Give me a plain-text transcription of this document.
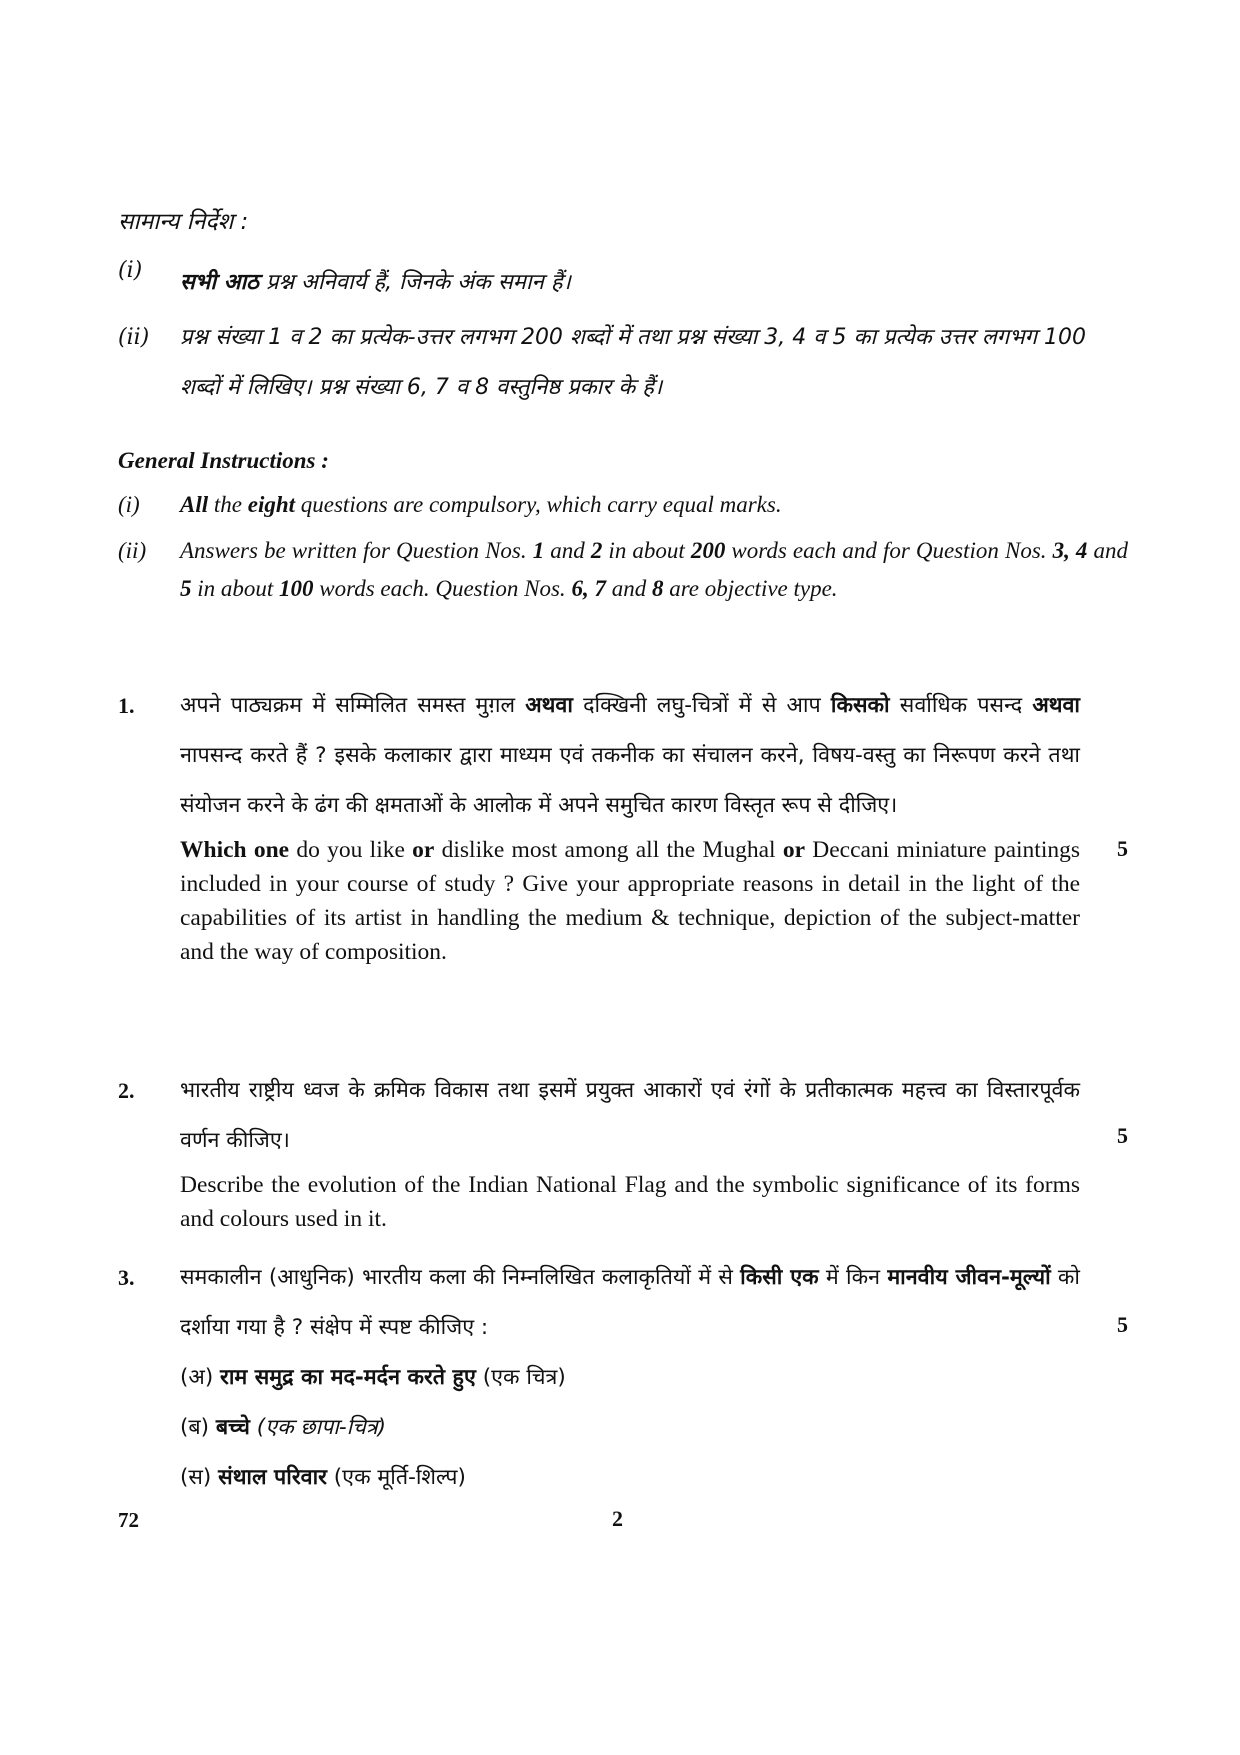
सामान्य निर्देश :
(i)	सभी आठ प्रश्न अनिवार्य हैं, जिनके अंक समान हैं।
(ii)	प्रश्न संख्या 1 व 2 का प्रत्येक-उत्तर लगभग 200 शब्दों में तथा प्रश्न संख्या 3, 4 व 5 का प्रत्येक उत्तर लगभग 100 शब्दों में लिखिए। प्रश्न संख्या 6, 7 व 8 वस्तुनिष्ठ प्रकार के हैं।
General Instructions :
(i)	All the eight questions are compulsory, which carry equal marks.
(ii)	Answers be written for Question Nos. 1 and 2 in about 200 words each and for Question Nos. 3, 4 and 5 in about 100 words each. Question Nos. 6, 7 and 8 are objective type.
1.	अपने पाठ्यक्रम में सम्मिलित समस्त मुग़ल अथवा दक्खिनी लघु-चित्रों में से आप किसको सर्वाधिक पसन्द अथवा नापसन्द करते हैं ? इसके कलाकार द्वारा माध्यम एवं तकनीक का संचालन करने, विषय-वस्तु का निरूपण करने तथा संयोजन करने के ढंग की क्षमताओं के आलोक में अपने समुचित कारण विस्तृत रूप से दीजिए।
5
Which one do you like or dislike most among all the Mughal or Deccani miniature paintings included in your course of study ? Give your appropriate reasons in detail in the light of the capabilities of its artist in handling the medium & technique, depiction of the subject-matter and the way of composition.
2.	भारतीय राष्ट्रीय ध्वज के क्रमिक विकास तथा इसमें प्रयुक्त आकारों एवं रंगों के प्रतीकात्मक महत्त्व का विस्तारपूर्वक वर्णन कीजिए।	5
Describe the evolution of the Indian National Flag and the symbolic significance of its forms and colours used in it.
3.	समकालीन (आधुनिक) भारतीय कला की निम्नलिखित कलाकृतियों में से किसी एक में किन मानवीय जीवन-मूल्यों को दर्शाया गया है ? संक्षेप में स्पष्ट कीजिए :	5
(अ) राम समुद्र का मद-मर्दन करते हुए (एक चित्र)
(ब) बच्चे (एक छापा-चित्र)
(स) संथाल परिवार (एक मूर्ति-शिल्प)
72	2
